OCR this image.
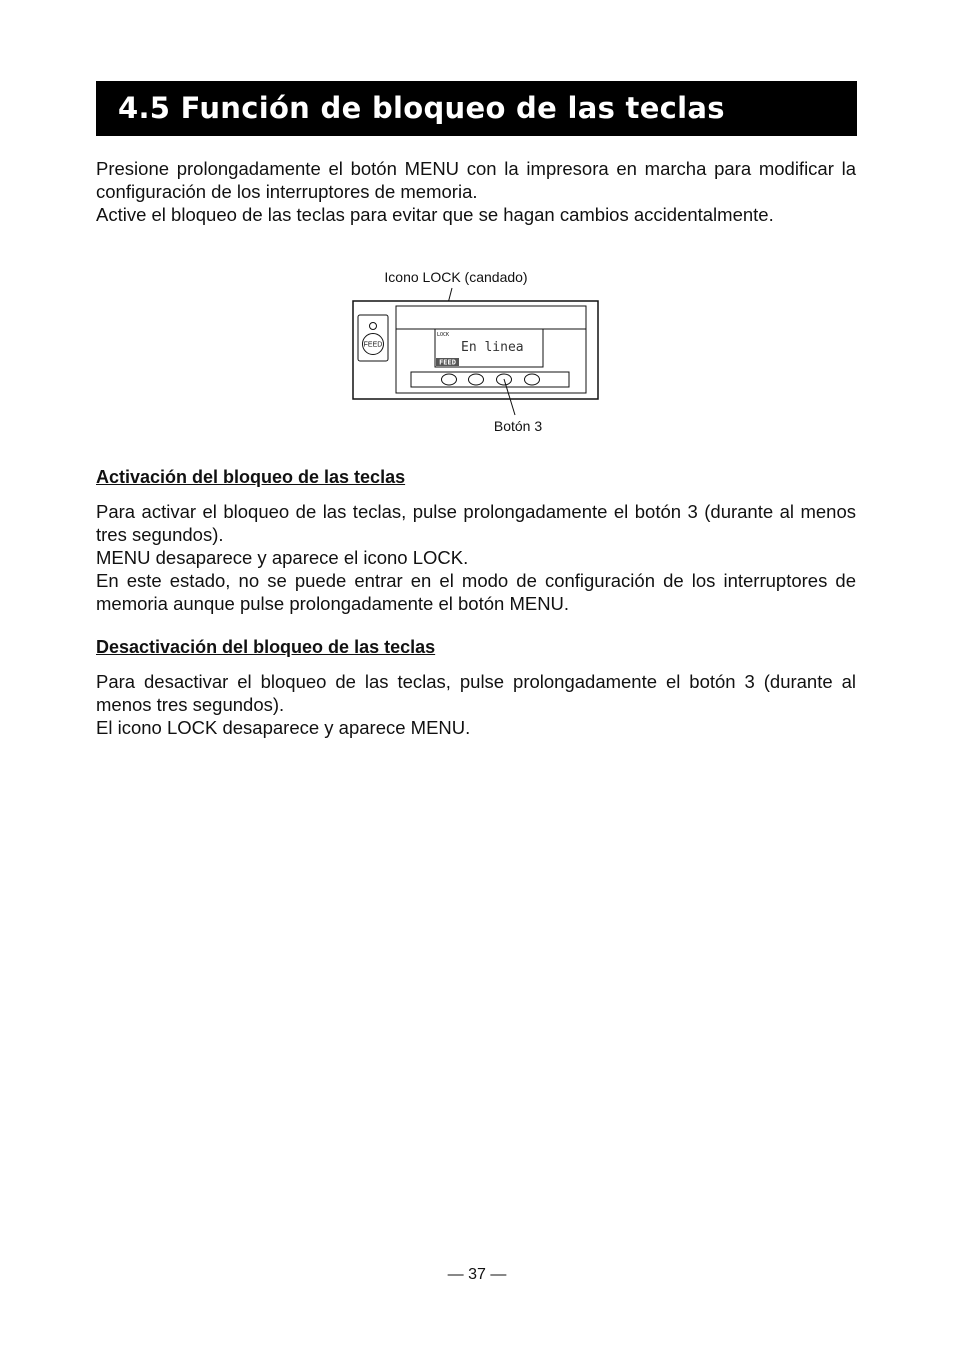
4.5 Función de bloqueo de las teclas

Presione prolongadamente el botón MENU con la impresora en marcha para modificar la configuración de los interruptores de memoria.

Active el bloqueo de las teclas para evitar que se hagan cambios accidentalmente.

Icono LOCK (candado)
FEED
LOCK
En linea
FEED
Botón 3
Activación del bloqueo de las teclas

Para activar el bloqueo de las teclas, pulse prolongadamente el botón 3 (durante al menos tres segundos).

MENU desaparece y aparece el icono LOCK.

En este estado, no se puede entrar en el modo de configuración de los interruptores de memoria aunque pulse prolongadamente el botón MENU.

Desactivación del bloqueo de las teclas

Para desactivar el bloqueo de las teclas, pulse prolongadamente el botón 3 (durante al menos tres segundos).

El icono LOCK desaparece y aparece MENU.

— 37 —
